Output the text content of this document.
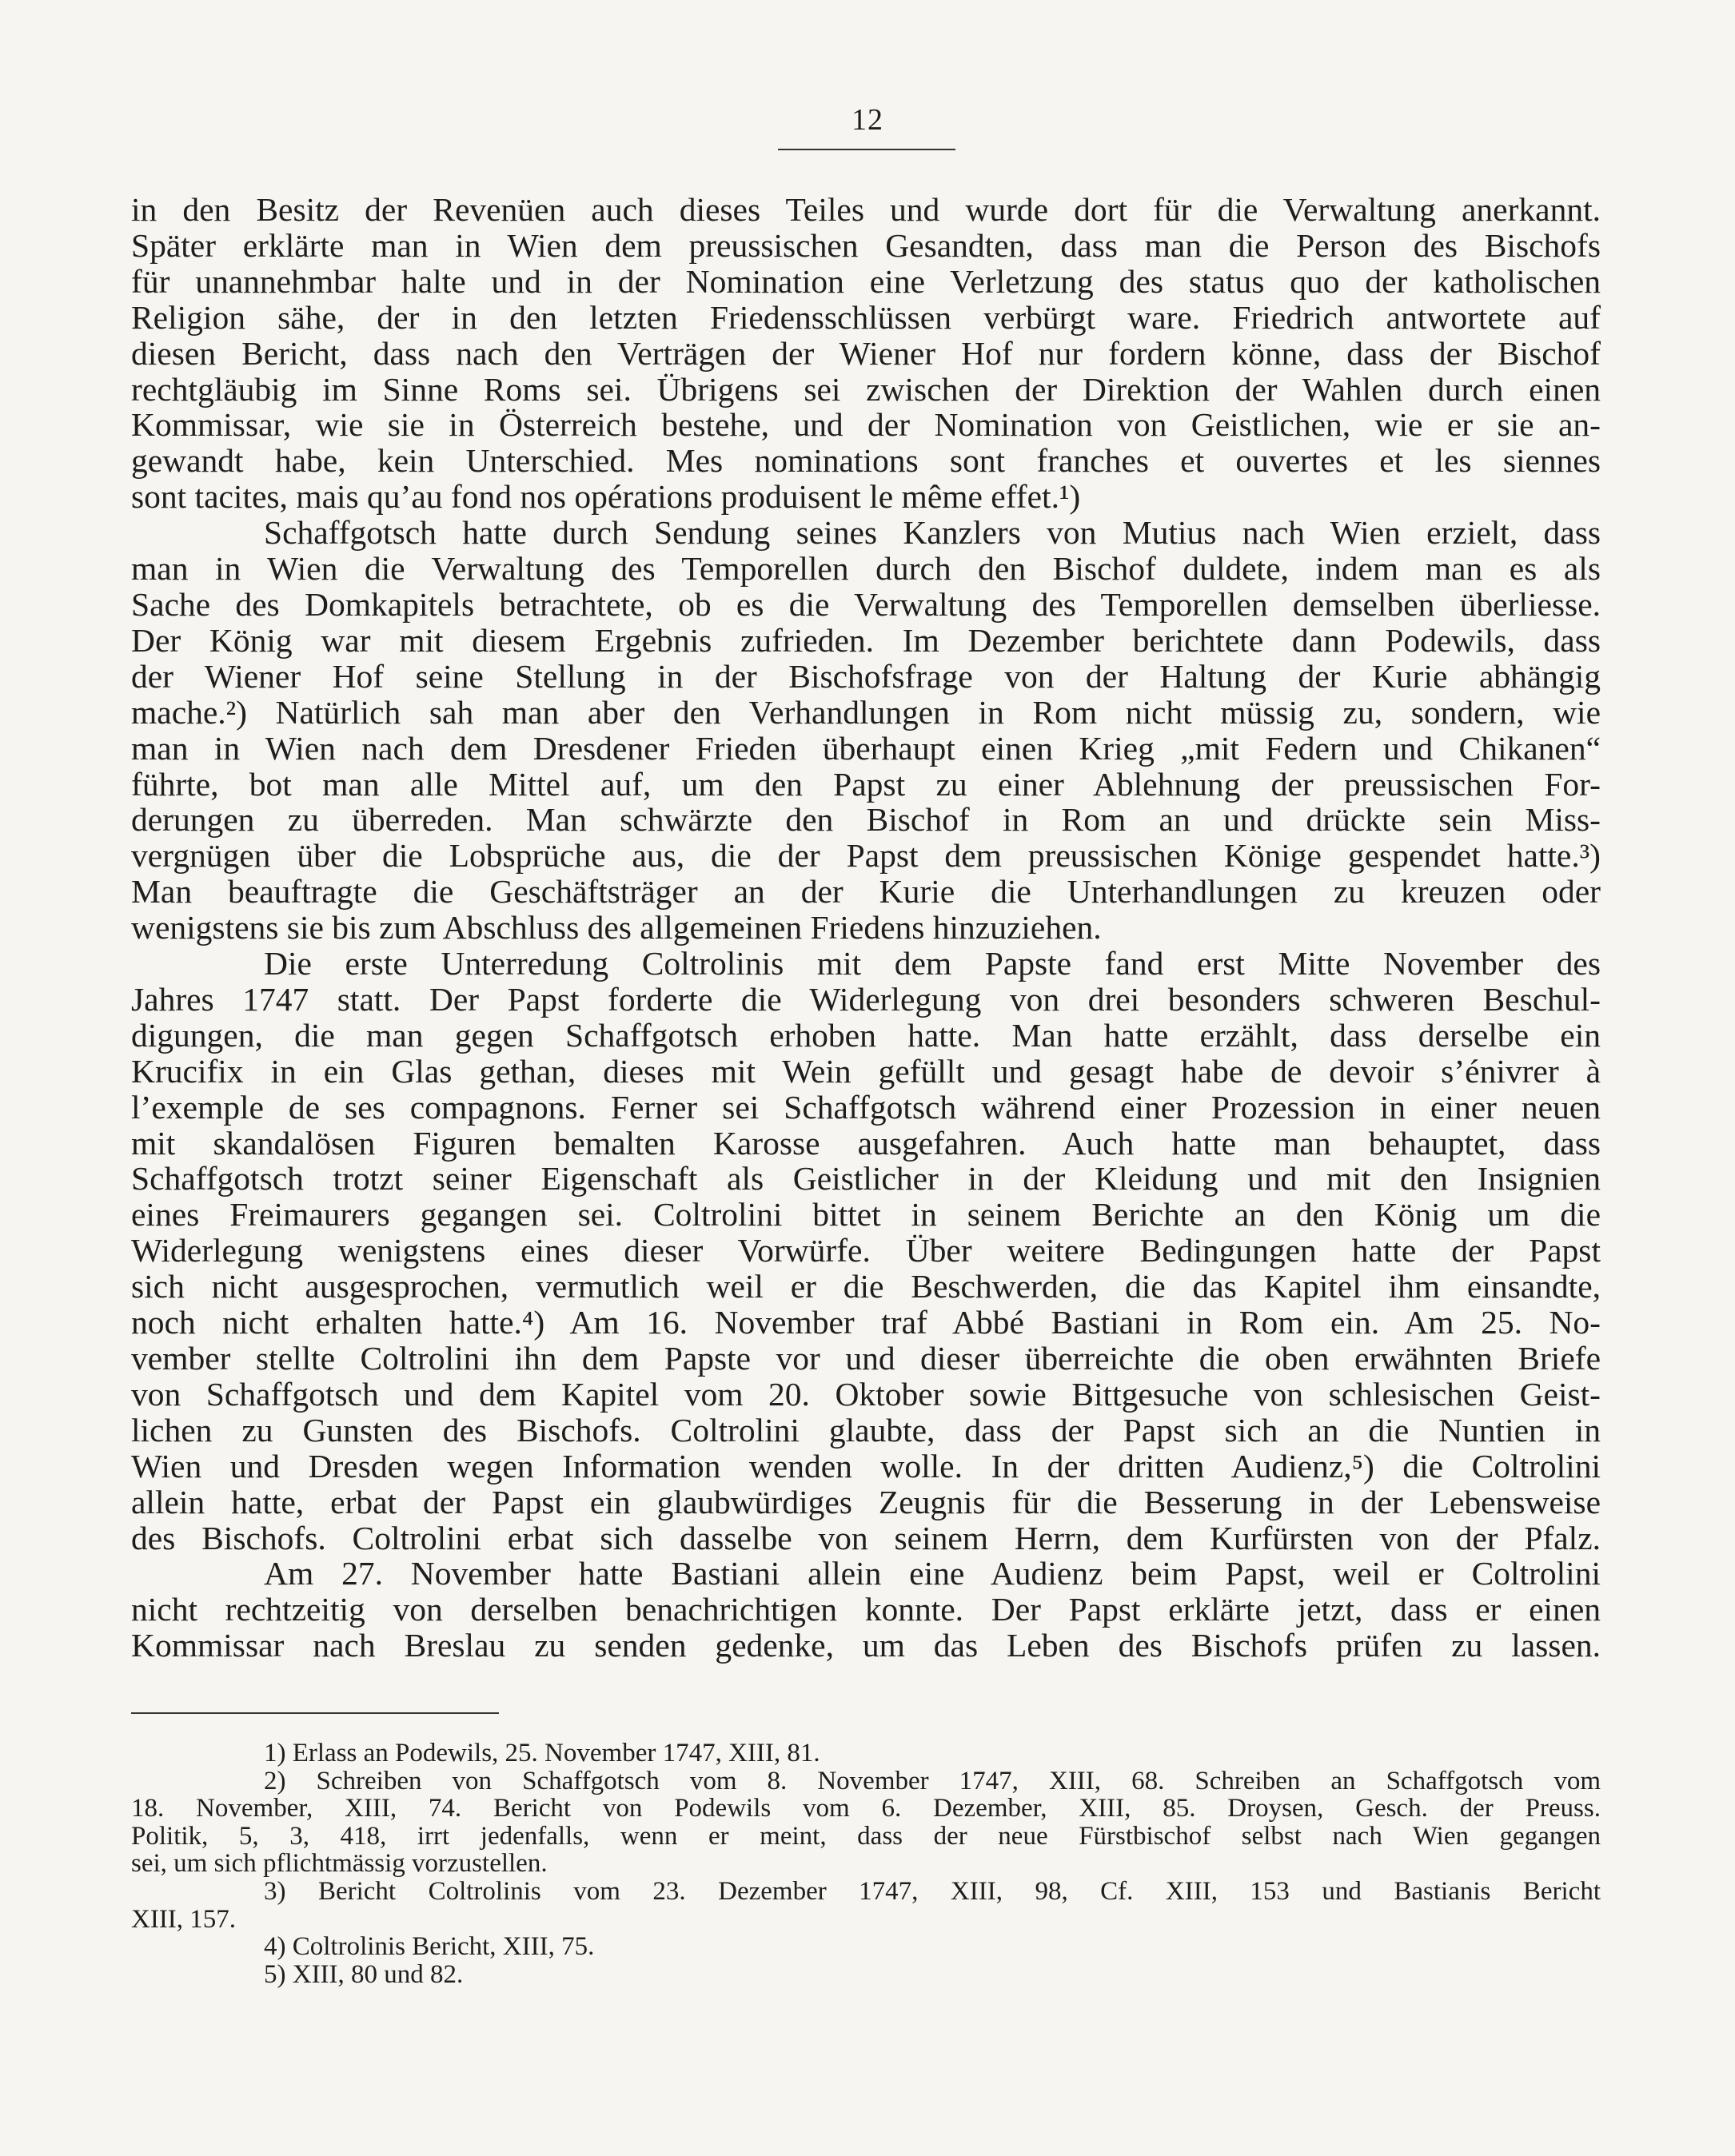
12

in den Besitz der Revenüen auch dieses Teiles und wurde dort für die Verwaltung anerkannt.

Später erklärte man in Wien dem preussischen Gesandten, dass man die Person des Bischofs

für unannehmbar halte und in der Nomination eine Verletzung des status quo der katholischen

Religion sähe, der in den letzten Friedensschlüssen verbürgt ware. Friedrich antwortete auf

diesen Bericht, dass nach den Verträgen der Wiener Hof nur fordern könne, dass der Bischof

rechtgläubig im Sinne Roms sei. Übrigens sei zwischen der Direktion der Wahlen durch einen

Kommissar, wie sie in Österreich bestehe, und der Nomination von Geistlichen, wie er sie an-

gewandt habe, kein Unterschied. Mes nominations sont franches et ouvertes et les siennes

sont tacites, mais qu’au fond nos opérations produisent le même effet.¹)

Schaffgotsch hatte durch Sendung seines Kanzlers von Mutius nach Wien erzielt, dass

man in Wien die Verwaltung des Temporellen durch den Bischof duldete, indem man es als

Sache des Domkapitels betrachtete, ob es die Verwaltung des Temporellen demselben überliesse.

Der König war mit diesem Ergebnis zufrieden. Im Dezember berichtete dann Podewils, dass

der Wiener Hof seine Stellung in der Bischofsfrage von der Haltung der Kurie abhängig

mache.²) Natürlich sah man aber den Verhandlungen in Rom nicht müssig zu, sondern, wie

man in Wien nach dem Dresdener Frieden überhaupt einen Krieg „mit Federn und Chikanen“

führte, bot man alle Mittel auf, um den Papst zu einer Ablehnung der preussischen For-

derungen zu überreden. Man schwärzte den Bischof in Rom an und drückte sein Miss-

vergnügen über die Lobsprüche aus, die der Papst dem preussischen Könige gespendet hatte.³)

Man beauftragte die Geschäftsträger an der Kurie die Unterhandlungen zu kreuzen oder

wenigstens sie bis zum Abschluss des allgemeinen Friedens hinzuziehen.

Die erste Unterredung Coltrolinis mit dem Papste fand erst Mitte November des

Jahres 1747 statt. Der Papst forderte die Widerlegung von drei besonders schweren Beschul-

digungen, die man gegen Schaffgotsch erhoben hatte. Man hatte erzählt, dass derselbe ein

Krucifix in ein Glas gethan, dieses mit Wein gefüllt und gesagt habe de devoir s’énivrer à

l’exemple de ses compagnons. Ferner sei Schaffgotsch während einer Prozession in einer neuen

mit skandalösen Figuren bemalten Karosse ausgefahren. Auch hatte man behauptet, dass

Schaffgotsch trotzt seiner Eigenschaft als Geistlicher in der Kleidung und mit den Insignien

eines Freimaurers gegangen sei. Coltrolini bittet in seinem Berichte an den König um die

Widerlegung wenigstens eines dieser Vorwürfe. Über weitere Bedingungen hatte der Papst

sich nicht ausgesprochen, vermutlich weil er die Beschwerden, die das Kapitel ihm einsandte,

noch nicht erhalten hatte.⁴) Am 16. November traf Abbé Bastiani in Rom ein. Am 25. No-

vember stellte Coltrolini ihn dem Papste vor und dieser überreichte die oben erwähnten Briefe

von Schaffgotsch und dem Kapitel vom 20. Oktober sowie Bittgesuche von schlesischen Geist-

lichen zu Gunsten des Bischofs. Coltrolini glaubte, dass der Papst sich an die Nuntien in

Wien und Dresden wegen Information wenden wolle. In der dritten Audienz,⁵) die Coltrolini

allein hatte, erbat der Papst ein glaubwürdiges Zeugnis für die Besserung in der Lebensweise

des Bischofs. Coltrolini erbat sich dasselbe von seinem Herrn, dem Kurfürsten von der Pfalz.

Am 27. November hatte Bastiani allein eine Audienz beim Papst, weil er Coltrolini

nicht rechtzeitig von derselben benachrichtigen konnte. Der Papst erklärte jetzt, dass er einen

Kommissar nach Breslau zu senden gedenke, um das Leben des Bischofs prüfen zu lassen.

1) Erlass an Podewils, 25. November 1747, XIII, 81.

2) Schreiben von Schaffgotsch vom 8. November 1747, XIII, 68. Schreiben an Schaffgotsch vom

18. November, XIII, 74. Bericht von Podewils vom 6. Dezember, XIII, 85. Droysen, Gesch. der Preuss.

Politik, 5, 3, 418, irrt jedenfalls, wenn er meint, dass der neue Fürstbischof selbst nach Wien gegangen

sei, um sich pflichtmässig vorzustellen.

3) Bericht Coltrolinis vom 23. Dezember 1747, XIII, 98, Cf. XIII, 153 und Bastianis Bericht

XIII, 157.

4) Coltrolinis Bericht, XIII, 75.

5) XIII, 80 und 82.
